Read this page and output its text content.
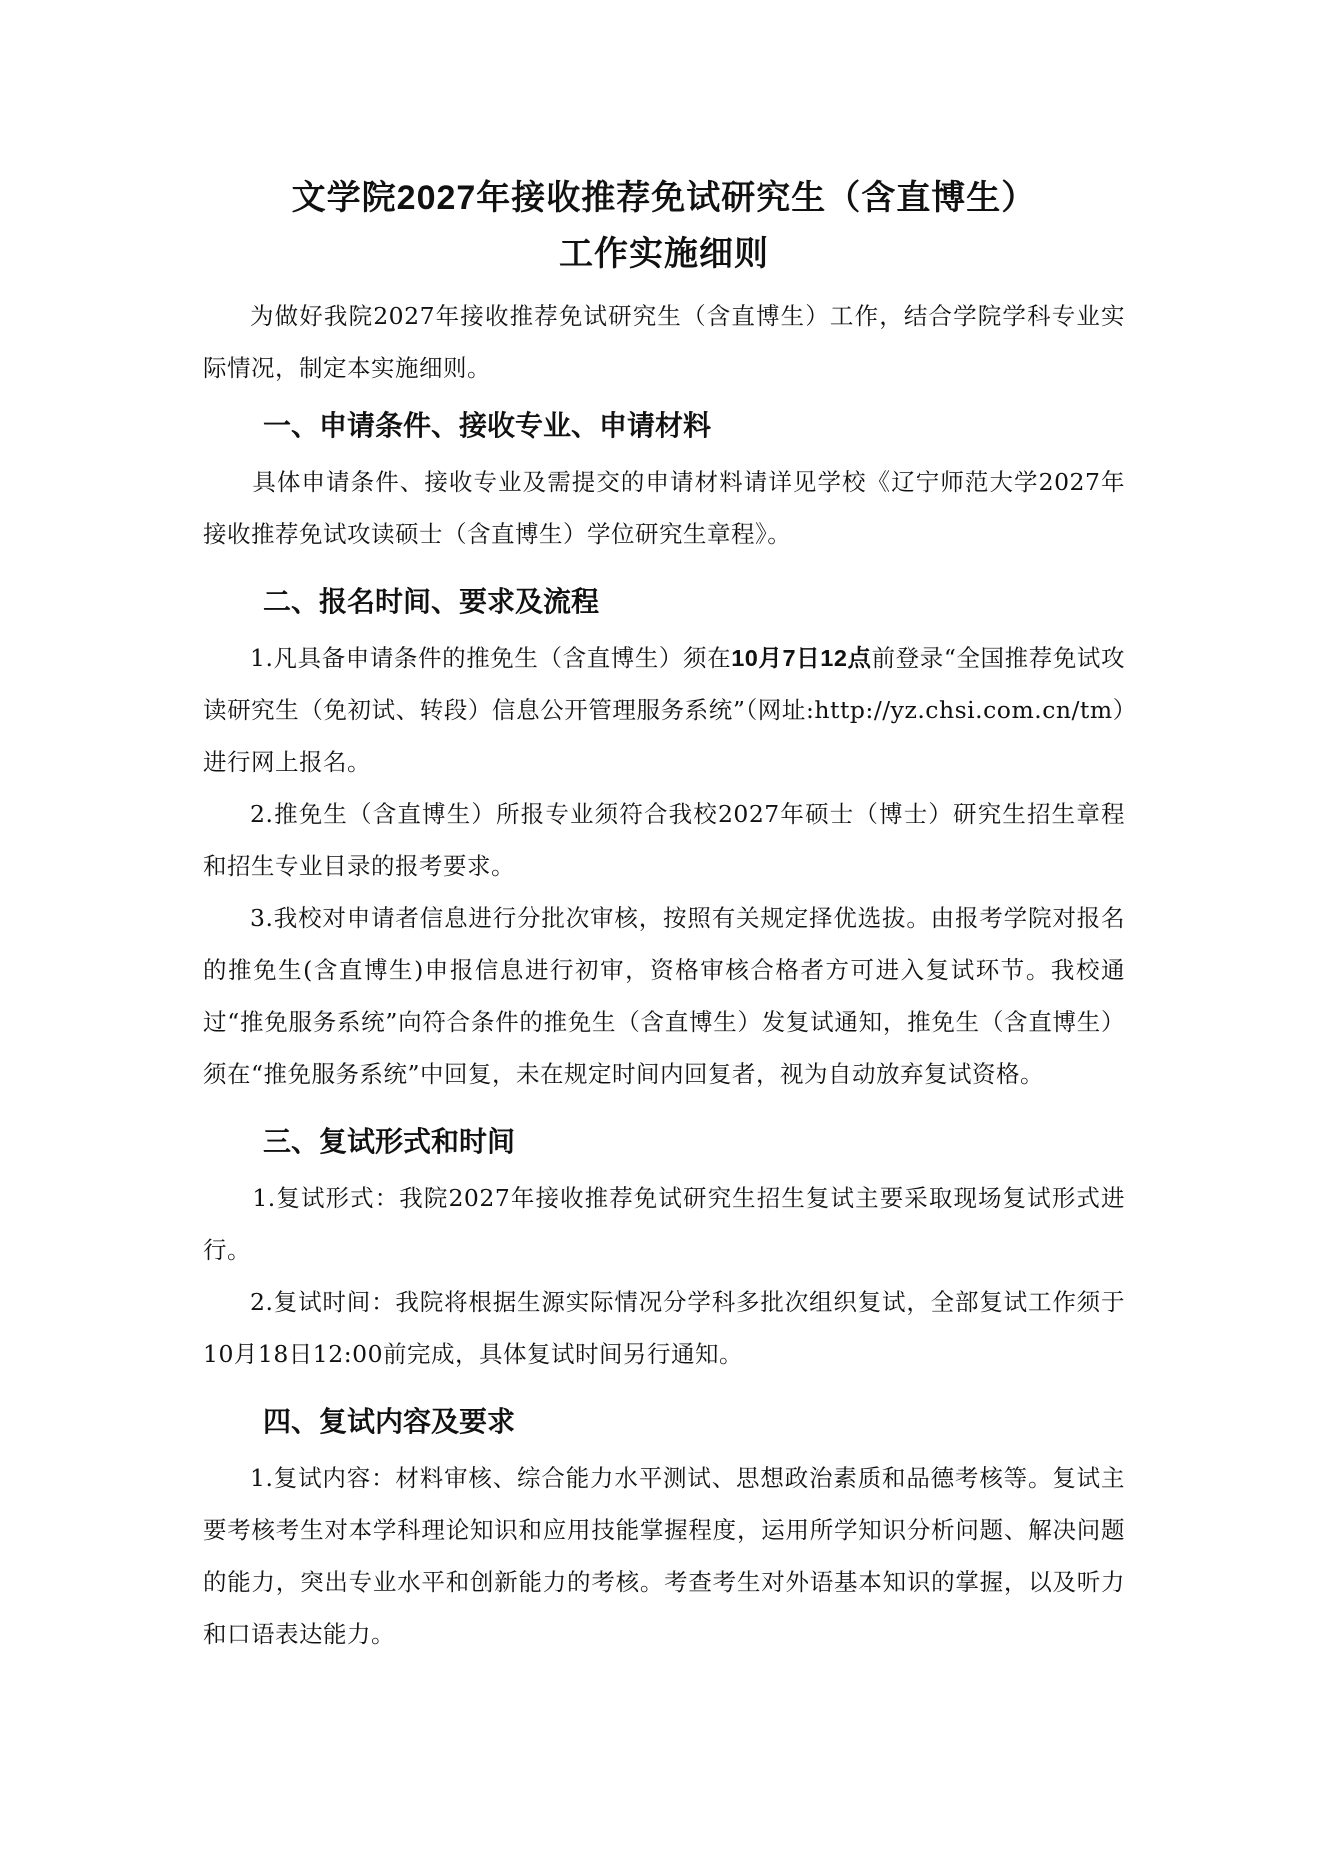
文学院2027年接收推荐免试研究生（含直博生）
工作实施细则

为做好我院2027年接收推荐免试研究生（含直博生）工作，结合学院学科专业实际情况，制定本实施细则。

一、申请条件、接收专业、申请材料

具体申请条件、接收专业及需提交的申请材料请详见学校《辽宁师范大学2027年接收推荐免试攻读硕士（含直博生）学位研究生章程》。

二、报名时间、要求及流程

1.凡具备申请条件的推免生（含直博生）须在10月7日12点前登录“全国推荐免试攻读研究生（免初试、转段）信息公开管理服务系统”（网址:http://yz.chsi.com.cn/tm）进行网上报名。

2.推免生（含直博生）所报专业须符合我校2027年硕士（博士）研究生招生章程和招生专业目录的报考要求。

3.我校对申请者信息进行分批次审核，按照有关规定择优选拔。由报考学院对报名的推免生(含直博生)申报信息进行初审，资格审核合格者方可进入复试环节。我校通过“推免服务系统”向符合条件的推免生（含直博生）发复试通知，推免生（含直博生）须在“推免服务系统”中回复，未在规定时间内回复者，视为自动放弃复试资格。

三、复试形式和时间

1.复试形式：我院2027年接收推荐免试研究生招生复试主要采取现场复试形式进行。

2.复试时间：我院将根据生源实际情况分学科多批次组织复试，全部复试工作须于10月18日12:00前完成，具体复试时间另行通知。

四、复试内容及要求

1.复试内容：材料审核、综合能力水平测试、思想政治素质和品德考核等。复试主要考核考生对本学科理论知识和应用技能掌握程度，运用所学知识分析问题、解决问题的能力，突出专业水平和创新能力的考核。考查考生对外语基本知识的掌握，以及听力和口语表达能力。
